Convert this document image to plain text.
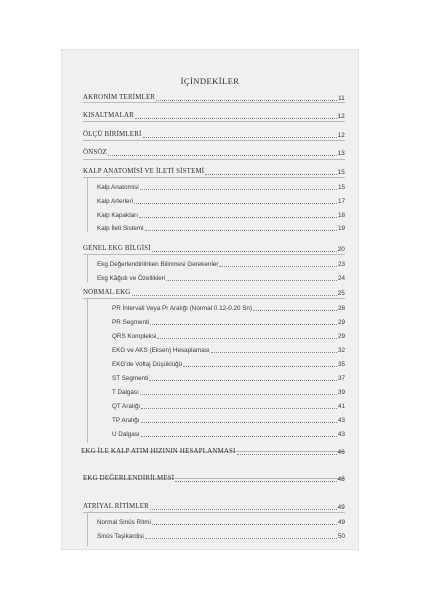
İÇİNDEKİLER
AKRONİM TERİMLER	11
KISALTMALAR	12
ÖLÇÜ BİRİMLERİ	12
ÖNSÖZ	13
KALP ANATOMİSİ VE İLETİ SİSTEMİ	15
Kalp Anatomisi	15
Kalp Arterleri	17
Kalp Kapakları	18
Kalp İleti Sistemi	19
GENEL EKG BİLGİSİ	20
Ekg Değerlendirilirken Bilinmesi Gerekenler	23
Ekg Kâğıdı ve Özellikleri	24
NORMAL EKG	25
PR İntervali Veya Pr Aralığı (Normal 0.12-0.20 Sn)	28
PR Segmenti	29
QRS Kompleksi	29
EKG ve AKS (Eksen) Hesaplaması	32
EKG'de Voltaj Düşüklüğü	35
ST Segmenti	37
T Dalgası	39
QT Aralığı	41
TP Aralığı	43
U Dalgası	43
EKG İLE KALP ATIM HIZININ HESAPLANMASI	46
EKG DEĞERLENDİRİLMESİ	48
ATRİYAL RİTİMLER	49
Normal Sinüs Ritmi	49
Sinüs Taşikardisi	50
